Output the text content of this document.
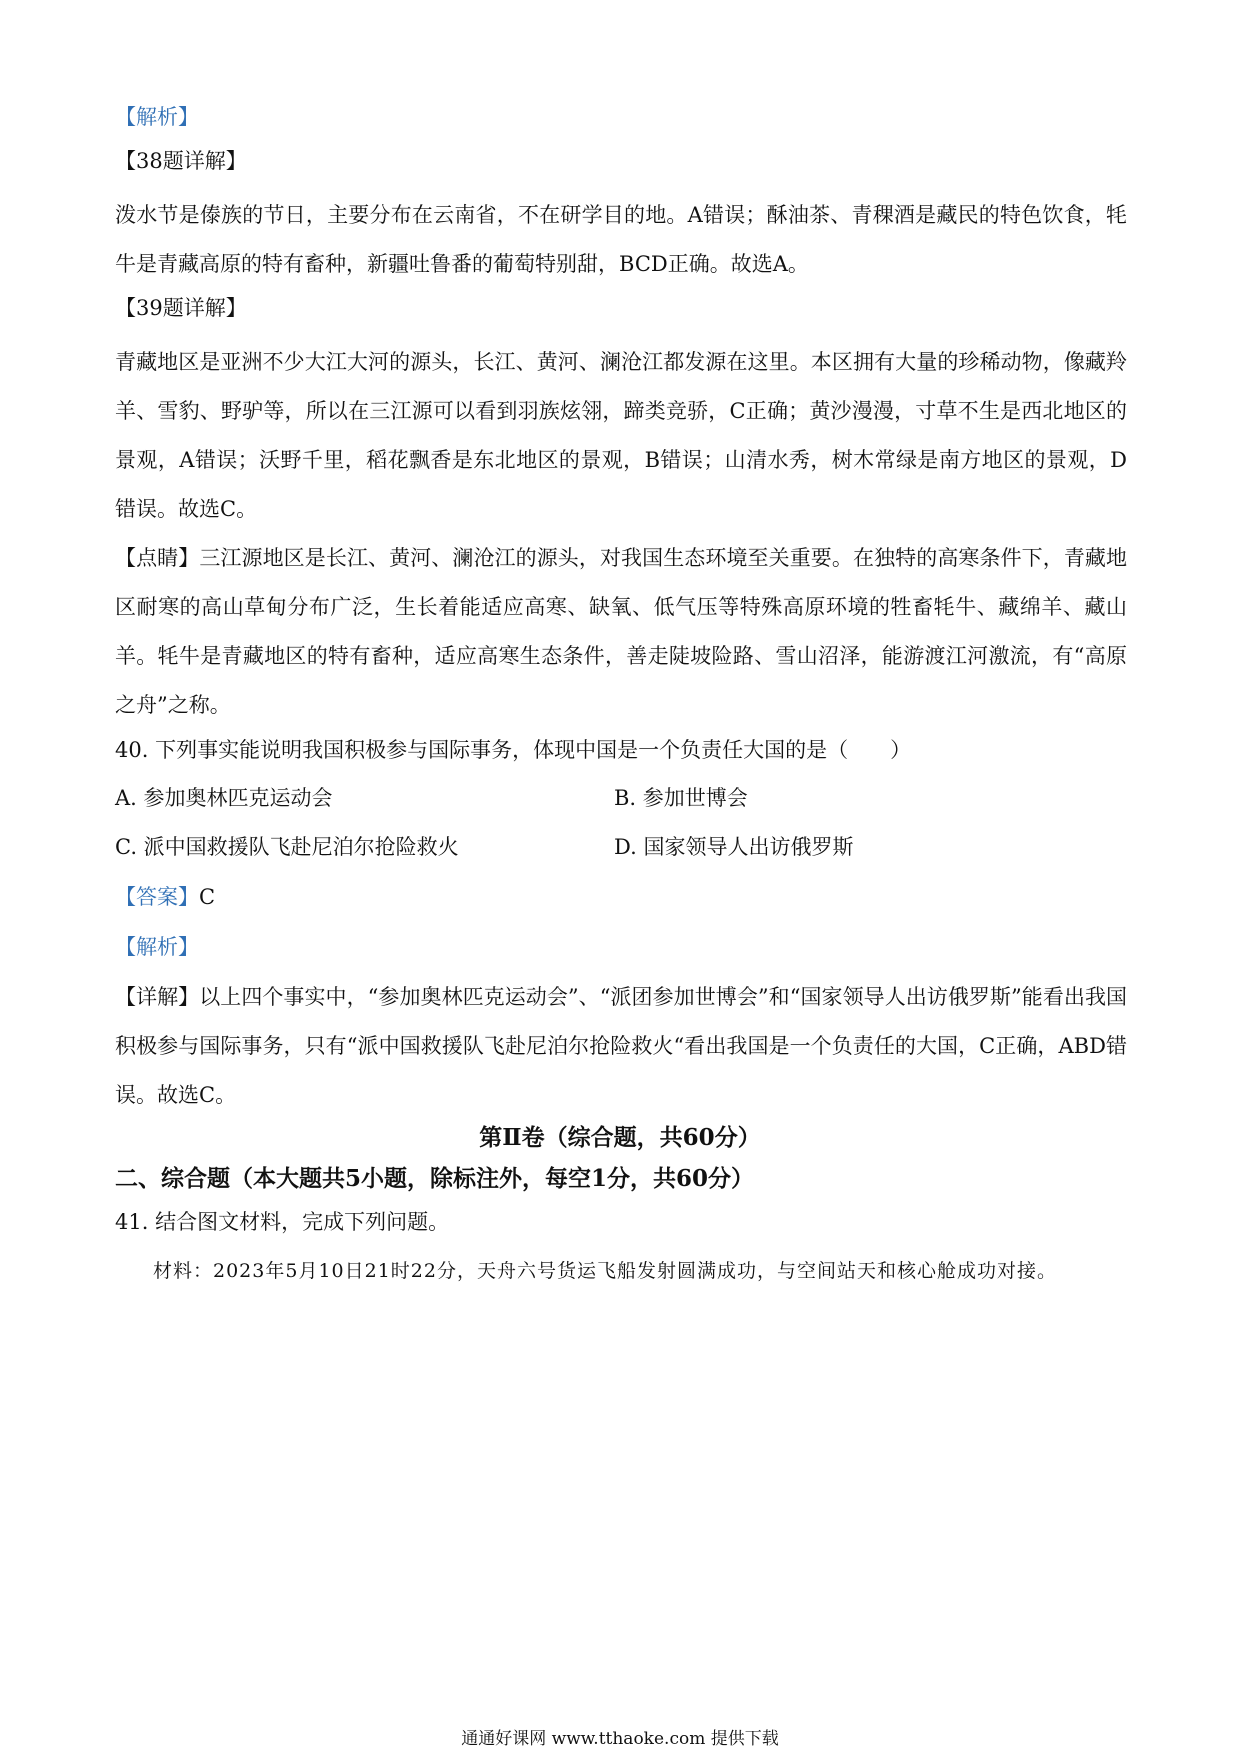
【解析】
【38题详解】
泼水节是傣族的节日，主要分布在云南省，不在研学目的地。A错误；酥油茶、青稞酒是藏民的特色饮食，牦牛是青藏高原的特有畜种，新疆吐鲁番的葡萄特别甜，BCD正确。故选A。
【39题详解】
青藏地区是亚洲不少大江大河的源头，长江、黄河、澜沧江都发源在这里。本区拥有大量的珍稀动物，像藏羚羊、雪豹、野驴等，所以在三江源可以看到羽族炫翎，蹄类竞骄，C正确；黄沙漫漫，寸草不生是西北地区的景观，A错误；沃野千里，稻花飘香是东北地区的景观，B错误；山清水秀，树木常绿是南方地区的景观，D错误。故选C。
【点睛】三江源地区是长江、黄河、澜沧江的源头，对我国生态环境至关重要。在独特的高寒条件下，青藏地区耐寒的高山草甸分布广泛，生长着能适应高寒、缺氧、低气压等特殊高原环境的牲畜牦牛、藏绵羊、藏山羊。牦牛是青藏地区的特有畜种，适应高寒生态条件，善走陡坡险路、雪山沼泽，能游渡江河激流，有“高原之舟”之称。
40. 下列事实能说明我国积极参与国际事务，体现中国是一个负责任大国的是（　　）
A. 参加奥林匹克运动会	B. 参加世博会
C. 派中国救援队飞赴尼泊尔抢险救火	D. 国家领导人出访俄罗斯
【答案】C
【解析】
【详解】以上四个事实中，“参加奥林匹克运动会”、“派团参加世博会”和“国家领导人出访俄罗斯”能看出我国积极参与国际事务，只有“派中国救援队飞赴尼泊尔抢险救火“看出我国是一个负责任的大国，C正确，ABD错误。故选C。
第Ⅱ卷（综合题，共60分）
二、综合题（本大题共5小题，除标注外，每空1分，共60分）
41. 结合图文材料，完成下列问题。
材料：2023年5月10日21时22分，天舟六号货运飞船发射圆满成功，与空间站天和核心舱成功对接。
通通好课网 www.tthaoke.com 提供下载
